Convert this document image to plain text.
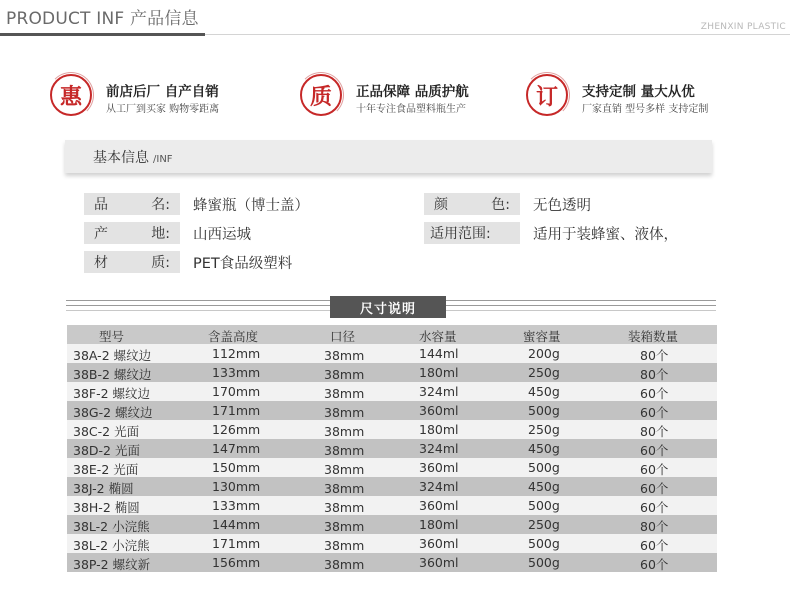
PRODUCT INF 产品信息	ZHENXIN PLASTIC
惠	前店后厂 自产自销
从工厂到买家 购物零距离	质	正品保障 品质护航
十年专注食品塑料瓶生产	订	支持定制 量大从优
厂家直销 型号多样 支持定制
基本信息 /INF
品	名: 蜂蜜瓶（博士盖）
产	地: 山西运城
材	质: PET食品级塑料
颜	色: 无色透明
适用范围:	适用于装蜂蜜、液体，
尺寸说明
型号	含盖高度	口径	水容量	蜜容量	装箱数量
38A-2 螺纹边	112mm	38mm	144ml	200g	80个
38B-2 螺纹边	133mm	38mm	180ml	250g	80个
38F-2 螺纹边	170mm	38mm	324ml	450g	60个
38G-2 螺纹边	171mm	38mm	360ml	500g	60个
38C-2 光面	126mm	38mm	180ml	250g	80个
38D-2 光面	147mm	38mm	324ml	450g	60个
38E-2 光面	150mm	38mm	360ml	500g	60个
38J-2 椭圆	130mm	38mm	324ml	450g	60个
38H-2 椭圆	133mm	38mm	360ml	500g	60个
38L-2 小浣熊	144mm	38mm	180ml	250g	80个
38L-2 小浣熊	171mm	38mm	360ml	500g	60个
38P-2 螺纹新	156mm	38mm	360ml	500g	60个
